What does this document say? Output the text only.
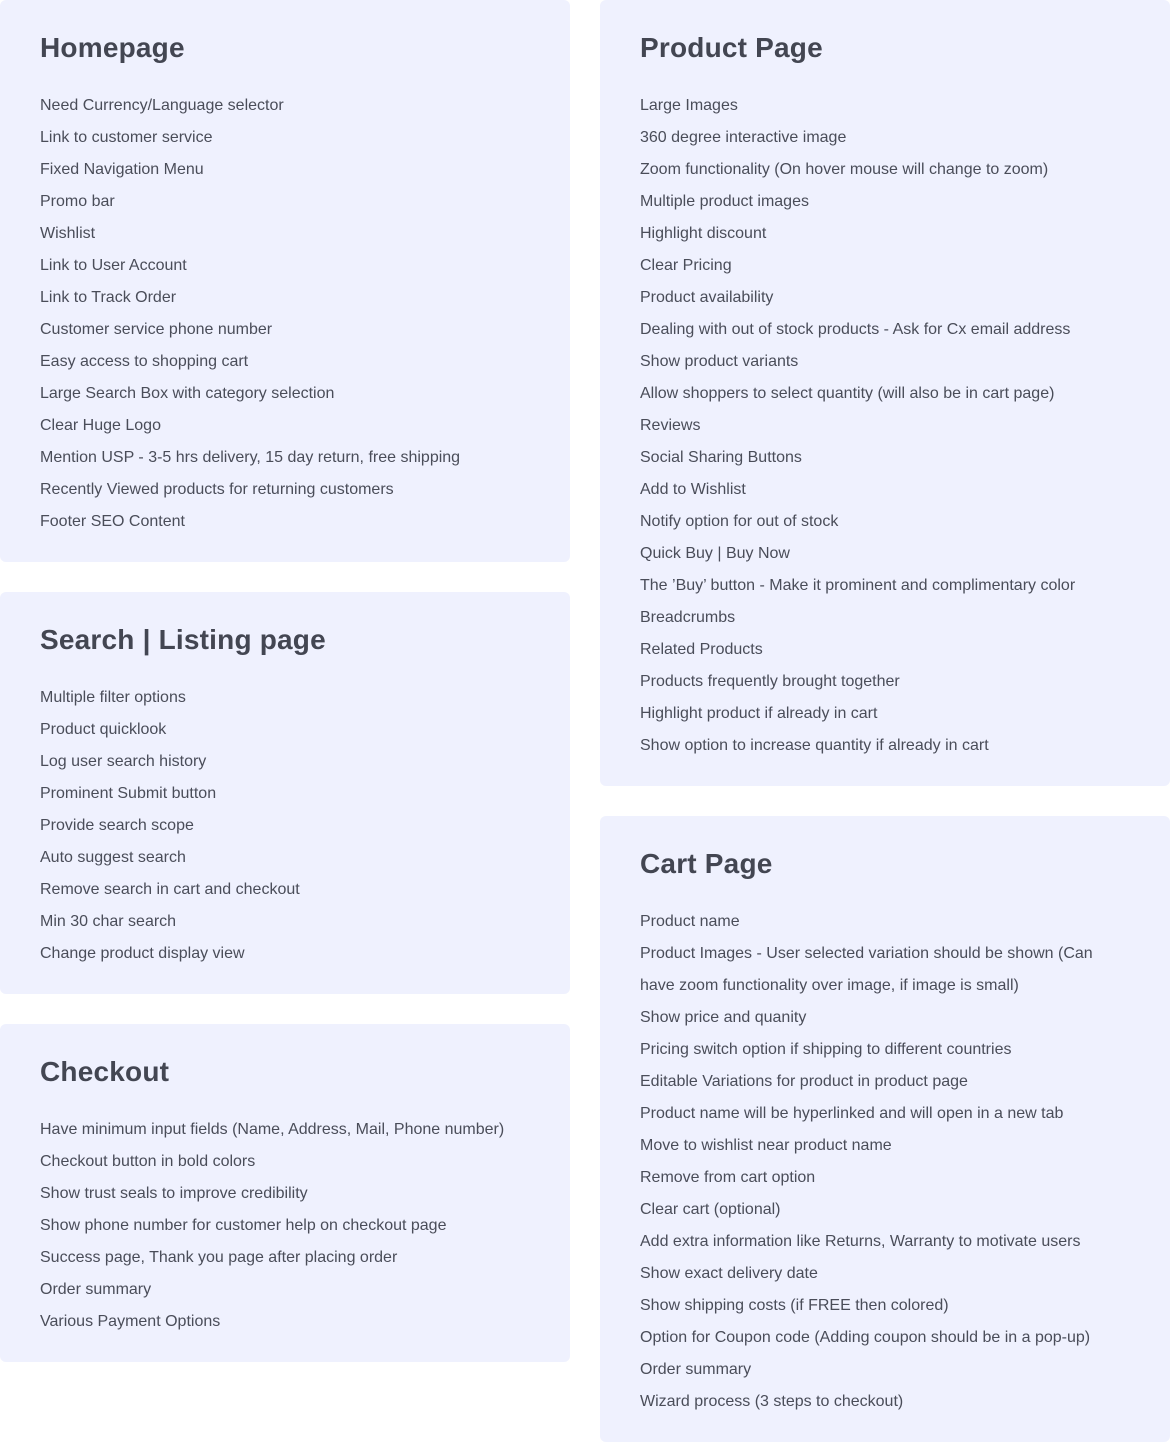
Homepage
Need Currency/Language selector
Link to customer service
Fixed Navigation Menu
Promo bar
Wishlist
Link to User Account
Link to Track Order
Customer service phone number
Easy access to shopping cart
Large Search Box with category selection
Clear Huge Logo
Mention USP - 3-5 hrs delivery, 15 day return, free shipping
Recently Viewed products for returning customers
Footer SEO Content
Search | Listing page
Multiple filter options
Product quicklook
Log user search history
Prominent Submit button
Provide search scope
Auto suggest search
Remove search in cart and checkout
Min 30 char search
Change product display view
Checkout
Have minimum input fields (Name, Address, Mail, Phone number)
Checkout button in bold colors
Show trust seals to improve credibility
Show phone number for customer help on checkout page
Success page, Thank you page after placing order
Order summary
Various Payment Options
Product Page
Large Images
360 degree interactive image
Zoom functionality (On hover mouse will change to zoom)
Multiple product images
Highlight discount
Clear Pricing
Product availability
Dealing with out of stock products - Ask for Cx email address
Show product variants
Allow shoppers to select quantity (will also be in cart page)
Reviews
Social Sharing Buttons
Add to Wishlist
Notify option for out of stock
Quick Buy | Buy Now
The ’Buy’ button - Make it prominent and complimentary color
Breadcrumbs
Related Products
Products frequently brought together
Highlight product if already in cart
Show option to increase quantity if already in cart
Cart Page
Product name
Product Images - User selected variation should be shown (Can have zoom functionality over image, if image is small)
Show price and quanity
Pricing switch option if shipping to different countries
Editable Variations for product in product page
Product name will be hyperlinked and will open in a new tab
Move to wishlist near product name
Remove from cart option
Clear cart (optional)
Add extra information like Returns, Warranty to motivate users
Show exact delivery date
Show shipping costs (if FREE then colored)
Option for Coupon code (Adding coupon should be in a pop-up)
Order summary
Wizard process (3 steps to checkout)
